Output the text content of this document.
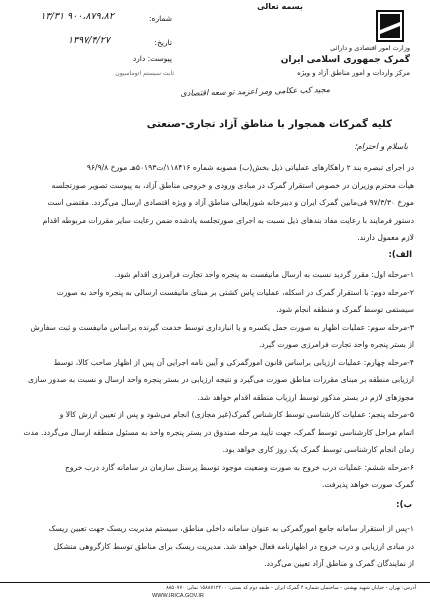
بسمه تعالی
وزارت امور اقتصادی و دارائی
گمرک جمهوری اسلامی ایران
مرکز واردات و امور مناطق آزاد و ویژه
شماره:
۹۰۰،۸۷۹،۸۲ ۱۳/۳۱
تاریخ:
۱۳۹۷/۴/۲۷
پیوست: دارد
ثابت سیستم اتوماسیون
مجید کب‌ عکامی ومر اعزمد تو سعه اقتصادی
کلیه گمرکات همجوار با مناطق آزاد تجاری-صنعتی
باسلام و احترام؛
در اجرای تبصره بند ۲ راهکارهای عملیاتی ذیل بخش(ب) مصوبه شماره ۱۱۸۴۱۶/ت۵۰۱۹۳هـ مورخ ۹۶/۹/۸
هیأت محترم وزیران در خصوص استقرار گمرک در مبادی ورودی و خروجی مناطق آزاد، به پیوست تصویر صورتجلسه
مورخ ۹۷/۳/۳۰ فی‌مابین گمرک ایران و دبیرخانه شورایعالی مناطق آزاد و ویژه اقتصادی ارسال می‌گردد. مقتضی است
دستور فرمایند با رعایت مفاد بندهای ذیل نسبت به اجرای صورتجلسه یادشده ضمن رعایت سایر مقررات مربوطه اقدام
لازم معمول دارند.
الف):
۱-مرحله اول: مقرر گردید نسبت به ارسال مانیفست به پنجره واحد تجارت فرامرزی اقدام شود.
۲-مرحله دوم: با استقرار گمرک در اسکله، عملیات پاس کشتی بر مبنای مانیفست ارسالی به پنجره واحد به صورت
سیستمی توسط گمرک و منطقه انجام شود.
۳-مرحله سوم: عملیات اظهار به صورت حمل یکسره و یا انبارداری توسط خدمت گیرنده براساس مانیفست و ثبت سفارش
از بستر پنجره واحد تجارت فرامرزی صورت گیرد.
۴-مرحله چهارم: عملیات ارزیابی براساس قانون امورگمرکی و آیین نامه اجرایی آن پس از اظهار صاحب کالا، توسط
ارزیابی منطقه بر مبنای مقررات مناطق صورت می‌گیرد و نتیجه ارزیابی در بستر پنجره واحد ارسال و نسبت به صدور سازی
مجوزهای لازم در بستر مذکور توسط ارزیاب منطقه اقدام خواهد شد.
۵-مرحله پنجم: عملیات کارشناسی توسط کارشناس گمرک(غیر مجازی) انجام می‌شود و پس از تعیین ارزش کالا و
اتمام مراحل کارشناسی توسط گمرک، جهت تأیید مرحله صندوق در بستر پنجره واحد به مسئول منطقه ارسال می‌گردد. مدت
زمان انجام کارشناسی توسط گمرک یک روز کاری خواهد بود.
۶-مرحله ششم: عملیات درب خروج به صورت وضعیت موجود توسط پرسنل سازمان در سامانه گارد درب خروج
گمرک صورت خواهد پذیرفت.
ب):
۱-پس از استقرار سامانه جامع امورگمرکی به عنوان سامانه داخلی مناطق، سیستم مدیریت ریسک جهت تعیین ریسک
در مبادی ارزیابی و درب خروج در اظهارنامه فعال خواهد شد. مدیریت ریسک برای مناطق توسط کارگروهی متشکل
از نمایندگان گمرک و مناطق آزاد تعیین می‌گردد.
آدرس: تهران - خیابان شهید بهشتی - ساختمان شماره ۴ گمرک ایران - طبقه دوم کد پستی: ۱۵۸۸۷۱۲۲۰۰ نمابر: ۸۸۵۰۷۷۰
WWW.IRICA.GOV.IR
